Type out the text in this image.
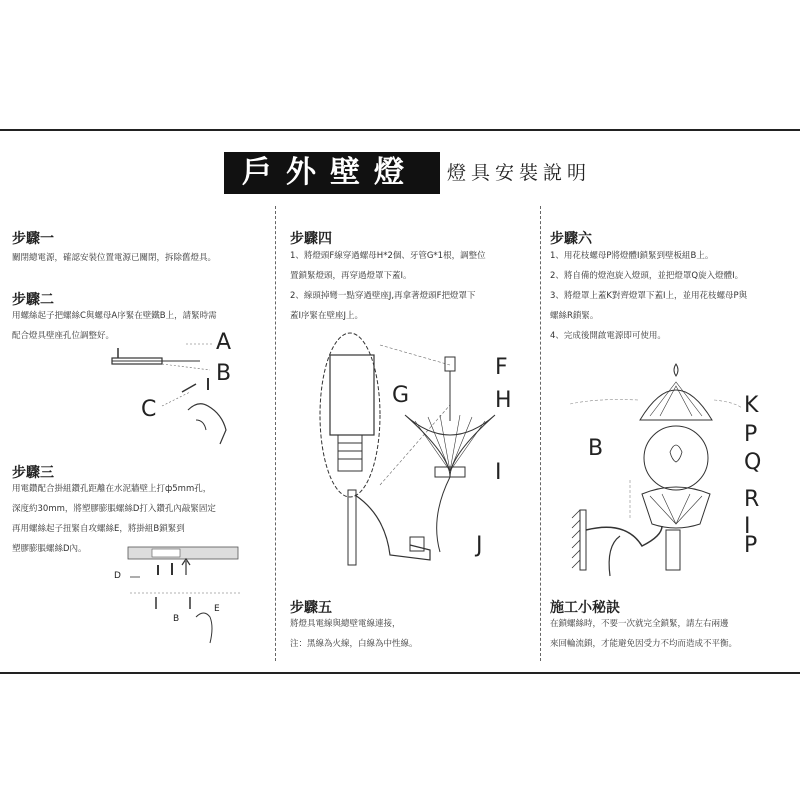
戶外壁燈	燈具安裝說明
步驟一
關閉總電源，確認安裝位置電源已關閉，拆除舊燈具。
步驟二
用螺絲起子把螺絲C與螺母A序緊在壁鐵B上，請緊時需
配合燈具壁座孔位調整好。	A
B
C
步驟三
用電鑽配合掛組鑽孔距離在水泥牆壁上打ф5mm孔，
深度約30mm，將塑膠膨脹螺絲D打入鑽孔內敲緊固定
再用螺絲起子扭緊自攻螺絲E，將掛組B鎖緊到
塑膠膨脹螺絲D內。
D
E
B
步驟四
1、將燈頭F線穿過螺母H*2個、牙管G*1根，調整位
置鎖緊燈頭，再穿過燈罩下蓋I。
2、線頭掉彎一點穿過壁座J,再拿著燈頭F把燈罩下
蓋I序緊在壁座J上。
F
G	H
I
J
步驟五
將燈具電線與總壁電線連接，
注：黑線為火線，白線為中性線。
步驟六
1、用花枝螺母P將燈體I鎖緊到壁板組B上。
2、將自備的燈泡旋入燈頭，並把燈罩Q旋入燈體I。
3、將燈罩上蓋K對齊燈罩下蓋I上，並用花枝螺母P與
螺絲R鎖緊。
4、完成後開啟電源即可使用。
K
P
Q
R
I
P
B
施工小秘訣
在鎖螺絲時，不要一次就完全鎖緊，請左右兩邊
來回輪流鎖，才能避免因受力不均而造成不平衡。
